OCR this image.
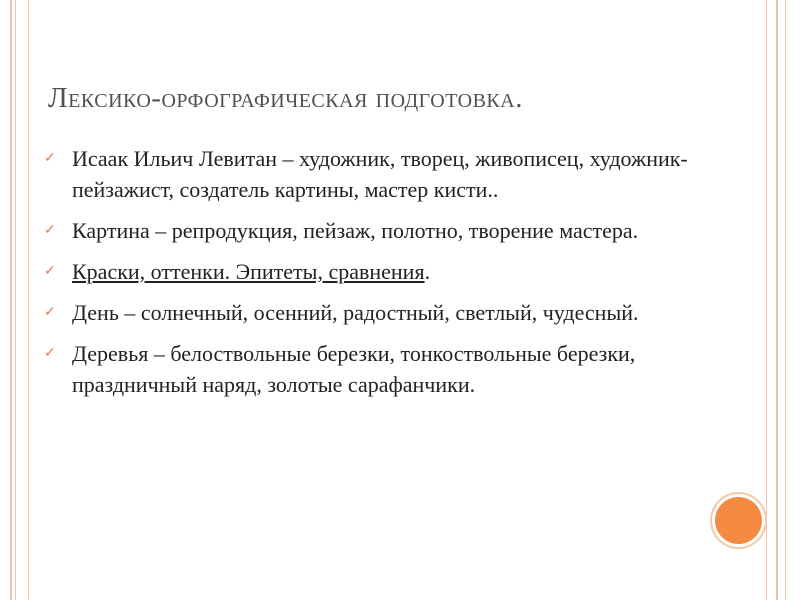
Лексико-орфографическая подготовка.
✓ Исаак Ильич Левитан – художник, творец, живописец, художник-пейзажист, создатель картины, мастер кисти..
✓ Картина – репродукция, пейзаж, полотно, творение мастера.
✓ Краски, оттенки. Эпитеты, сравнения.
✓ День – солнечный, осенний, радостный, светлый, чудесный.
✓ Деревья – белоствольные березки, тонкоствольные березки, праздничный наряд, золотые сарафанчики.
